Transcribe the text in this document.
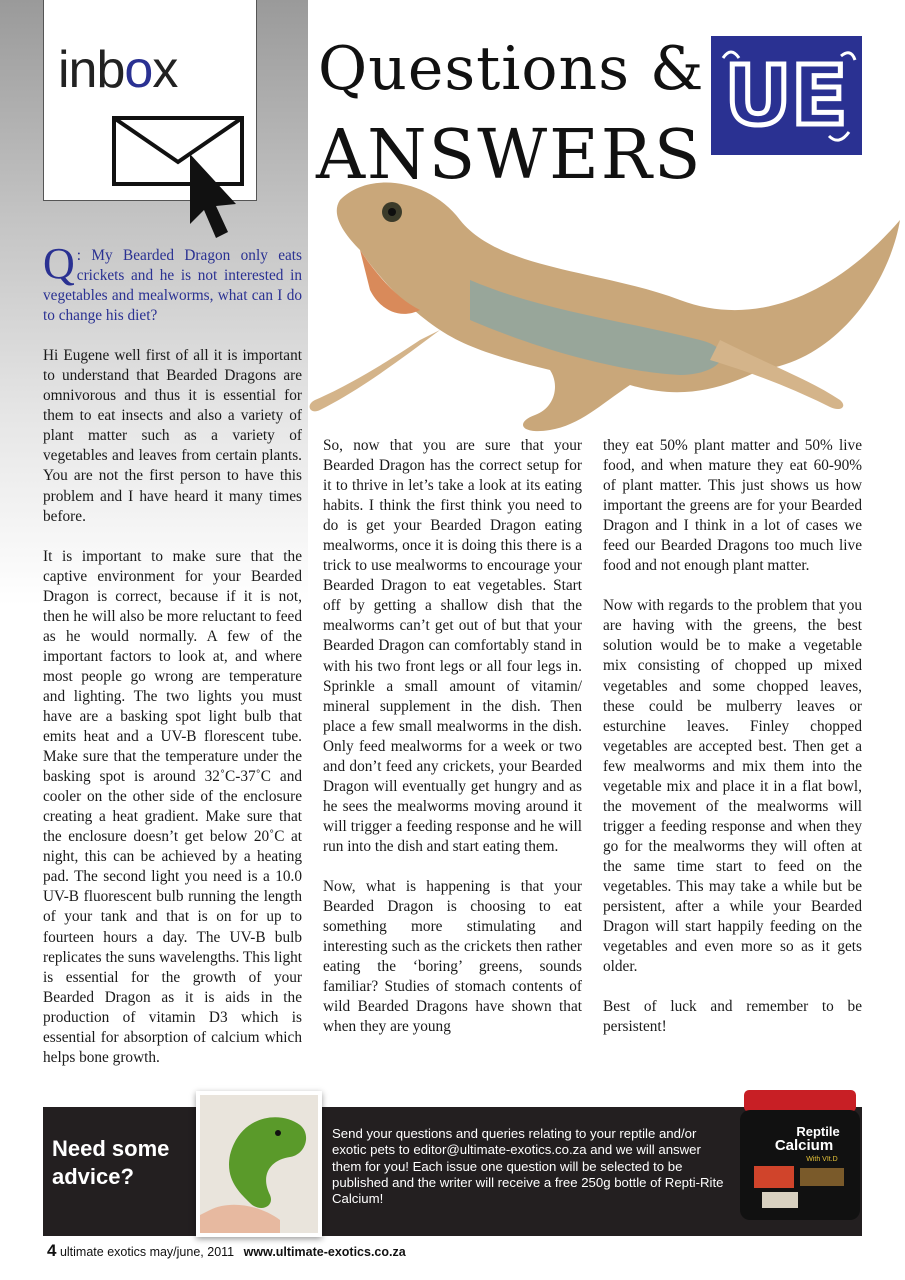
inbox Questions &
ANSWERS
UE

Q : My Bearded Dragon only eats crickets and he is not interested in vegetables and mealworms, what can I do to change his diet?

Hi Eugene well first of all it is important to understand that Bearded Dragons are omnivorous and thus it is essential for them to eat insects and also a variety of plant matter such as a variety of vegetables and leaves from certain plants. You are not the first person to have this problem and I have heard it many times before.

It is important to make sure that the captive environment for your Bearded Dragon is correct, because if it is not, then he will also be more reluctant to feed as he would normally. A few of the important factors to look at, and where most people go wrong are temperature and lighting. The two lights you must have are a basking spot light bulb that emits heat and a UV-B florescent tube. Make sure that the temperature under the basking spot is around 32˚C-37˚C and cooler on the other side of the enclosure creating a heat gradient. Make sure that the enclosure doesn’t get below 20˚C at night, this can be achieved by a heating pad. The second light you need is a 10.0 UV-B fluorescent bulb running the length of your tank and that is on for up to fourteen hours a day. The UV-B bulb replicates the suns wavelengths. This light is essential for the growth of your Bearded Dragon as it is aids in the production of vitamin D3 which is essential for absorption of calcium which helps bone growth.

So, now that you are sure that your Bearded Dragon has the correct setup for it to thrive in let’s take a look at its eating habits. I think the first think you need to do is get your Bearded Dragon eating mealworms, once it is doing this there is a trick to use mealworms to encourage your Bearded Dragon to eat vegetables. Start off by getting a shallow dish that the mealworms can’t get out of but that your Bearded Dragon can comfortably stand in with his two front legs or all four legs in. Sprinkle a small amount of vitamin/ mineral supplement in the dish. Then place a few small mealworms in the dish. Only feed mealworms for a week or two and don’t feed any crickets, your Bearded Dragon will eventually get hungry and as he sees the mealworms moving around it will trigger a feeding response and he will run into the dish and start eating them.

Now, what is happening is that your Bearded Dragon is choosing to eat something more stimulating and interesting such as the crickets then rather eating the ‘boring’ greens, sounds familiar? Studies of stomach contents of wild Bearded Dragons have shown that when they are young

they eat 50% plant matter and 50% live food, and when mature they eat 60-90% of plant matter. This just shows us how important the greens are for your Bearded Dragon and I think in a lot of cases we feed our Bearded Dragons too much live food and not enough plant matter.

Now with regards to the problem that you are having with the greens, the best solution would be to make a vegetable mix consisting of chopped up mixed vegetables and some chopped leaves, these could be mulberry leaves or esturchine leaves. Finley chopped vegetables are accepted best. Then get a few mealworms and mix them into the vegetable mix and place it in a flat bowl, the movement of the mealworms will trigger a feeding response and when they go for the mealworms they will often at the same time start to feed on the vegetables. This may take a while but be persistent, after a while your Bearded Dragon will start happily feeding on the vegetables and even more so as it gets older.

Best of luck and remember to be persistent!

Need some advice?
Send your questions and queries relating to your reptile and/or exotic pets to editor@ultimate-exotics.co.za and we will answer them for you! Each issue one question will be selected to be published and the writer will receive a free 250g bottle of Repti-Rite Calcium!
Reptile
Calcium
With VIt.D
4 ultimate exotics may/june, 2011 www.ultimate-exotics.co.za
